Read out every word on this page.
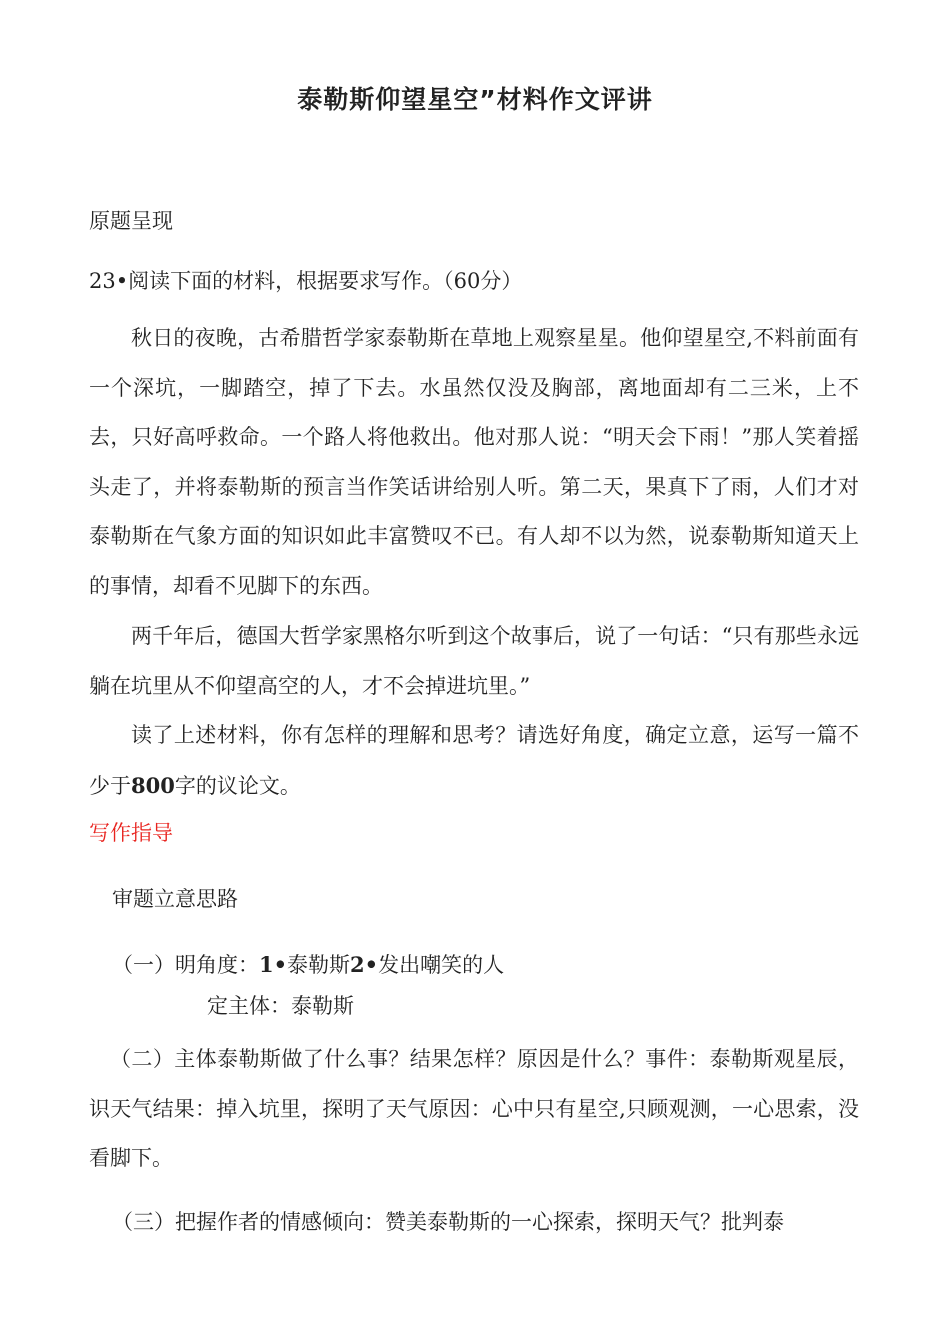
泰勒斯仰望星空”材料作文评讲
原题呈现
23•阅读下面的材料，根据要求写作。（60分）
秋日的夜晚，古希腊哲学家泰勒斯在草地上观察星星。他仰望星空,不料前面有一个深坑，一脚踏空，掉了下去。水虽然仅没及胸部，离地面却有二三米，上不去，只好高呼救命。一个路人将他救出。他对那人说：“明天会下雨！”那人笑着摇头走了，并将泰勒斯的预言当作笑话讲给别人听。第二天，果真下了雨，人们才对泰勒斯在气象方面的知识如此丰富赞叹不已。有人却不以为然，说泰勒斯知道天上的事情，却看不见脚下的东西。
两千年后，德国大哲学家黑格尔听到这个故事后，说了一句话：“只有那些永远躺在坑里从不仰望高空的人，才不会掉进坑里。”
读了上述材料，你有怎样的理解和思考？请选好角度，确定立意，运写一篇不少于800字的议论文。
写作指导
审题立意思路
（一）明角度：1•泰勒斯2•发出嘲笑的人
定主体：泰勒斯
（二）主体泰勒斯做了什么事？结果怎样？原因是什么？事件：泰勒斯观星辰，识天气结果：掉入坑里，探明了天气原因：心中只有星空,只顾观测，一心思索，没看脚下。
（三）把握作者的情感倾向：赞美泰勒斯的一心探索，探明天气？批判泰
